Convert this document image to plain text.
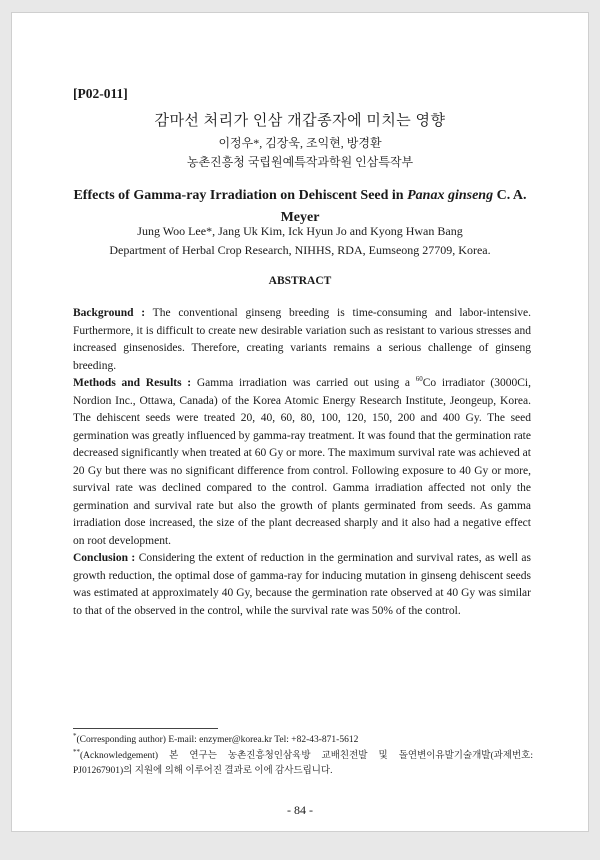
[P02-011]
감마선 처리가 인삼 개갑종자에 미치는 영향
이정우*, 김장욱, 조익현, 방경환
농촌진흥청 국립원예특작과학원 인삼특작부
Effects of Gamma-ray Irradiation on Dehiscent Seed in Panax ginseng C. A. Meyer
Jung Woo Lee*, Jang Uk Kim, Ick Hyun Jo and Kyong Hwan Bang
Department of Herbal Crop Research, NIHHS, RDA, Eumseong 27709, Korea.
ABSTRACT

Background : The conventional ginseng breeding is time-consuming and labor-intensive. Furthermore, it is difficult to create new desirable variation such as resistant to various stresses and increased ginsenosides. Therefore, creating variants remains a serious challenge of ginseng breeding.

Methods and Results : Gamma irradiation was carried out using a $^{60}$Co irradiator (3000Ci, Nordion Inc., Ottawa, Canada) of the Korea Atomic Energy Research Institute, Jeongeup, Korea. The dehiscent seeds were treated 20, 40, 60, 80, 100, 120, 150, 200 and 400 Gy. The seed germination was greatly influenced by gamma-ray treatment. It was found that the germination rate decreased significantly when treated at 60 Gy or more. The maximum survival rate was achieved at 20 Gy but there was no significant difference from control. Following exposure to 40 Gy or more, survival rate was declined compared to the control. Gamma irradiation affected not only the germination and survival rate but also the growth of plants germinated from seeds. As gamma irradiation dose increased, the size of the plant decreased sharply and it also had a negative effect on root development.

Conclusion : Considering the extent of reduction in the germination and survival rates, as well as growth reduction, the optimal dose of gamma-ray for inducing mutation in ginseng dehiscent seeds was estimated at approximately 40 Gy, because the germination rate observed at 40 Gy was similar to that of the observed in the control, while the survival rate was 50% of the control.

*(Corresponding author) E-mail: enzymer@korea.kr Tel: +82-43-871-5612
**(Acknowledgement) 본 연구는 농촌진흥청인삼육방 교배친전발 및 돌연변이유발기술개발(과제번호: PJ01267901)의 지원에 의해 이루어진 결과로 이에 감사드립니다.
- 84 -
